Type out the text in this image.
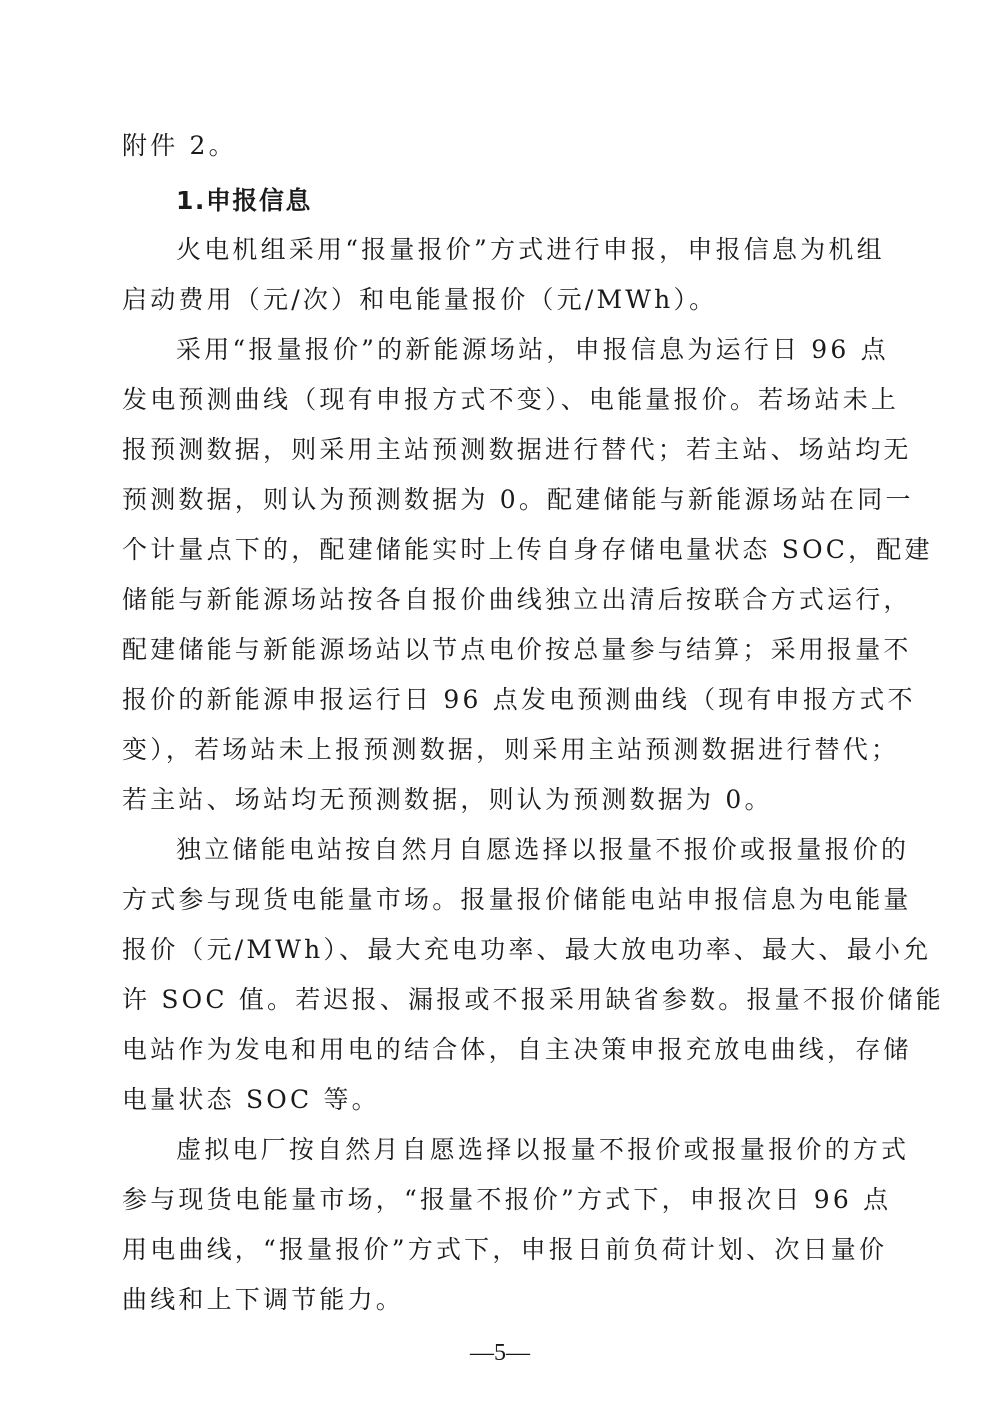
附件 2。
1.申报信息
火电机组采用“报量报价”方式进行申报，申报信息为机组
启动费用（元/次）和电能量报价（元/MWh）。
采用“报量报价”的新能源场站，申报信息为运行日 96 点
发电预测曲线（现有申报方式不变）、电能量报价。若场站未上
报预测数据，则采用主站预测数据进行替代；若主站、场站均无
预测数据，则认为预测数据为 0。配建储能与新能源场站在同一
个计量点下的，配建储能实时上传自身存储电量状态 SOC，配建
储能与新能源场站按各自报价曲线独立出清后按联合方式运行，
配建储能与新能源场站以节点电价按总量参与结算；采用报量不
报价的新能源申报运行日 96 点发电预测曲线（现有申报方式不
变），若场站未上报预测数据，则采用主站预测数据进行替代；
若主站、场站均无预测数据，则认为预测数据为 0。
独立储能电站按自然月自愿选择以报量不报价或报量报价的
方式参与现货电能量市场。报量报价储能电站申报信息为电能量
报价（元/MWh）、最大充电功率、最大放电功率、最大、最小允
许 SOC 值。若迟报、漏报或不报采用缺省参数。报量不报价储能
电站作为发电和用电的结合体，自主决策申报充放电曲线，存储
电量状态 SOC 等。
虚拟电厂按自然月自愿选择以报量不报价或报量报价的方式
参与现货电能量市场，“报量不报价”方式下，申报次日 96 点
用电曲线，“报量报价”方式下，申报日前负荷计划、次日量价
曲线和上下调节能力。
—5—
